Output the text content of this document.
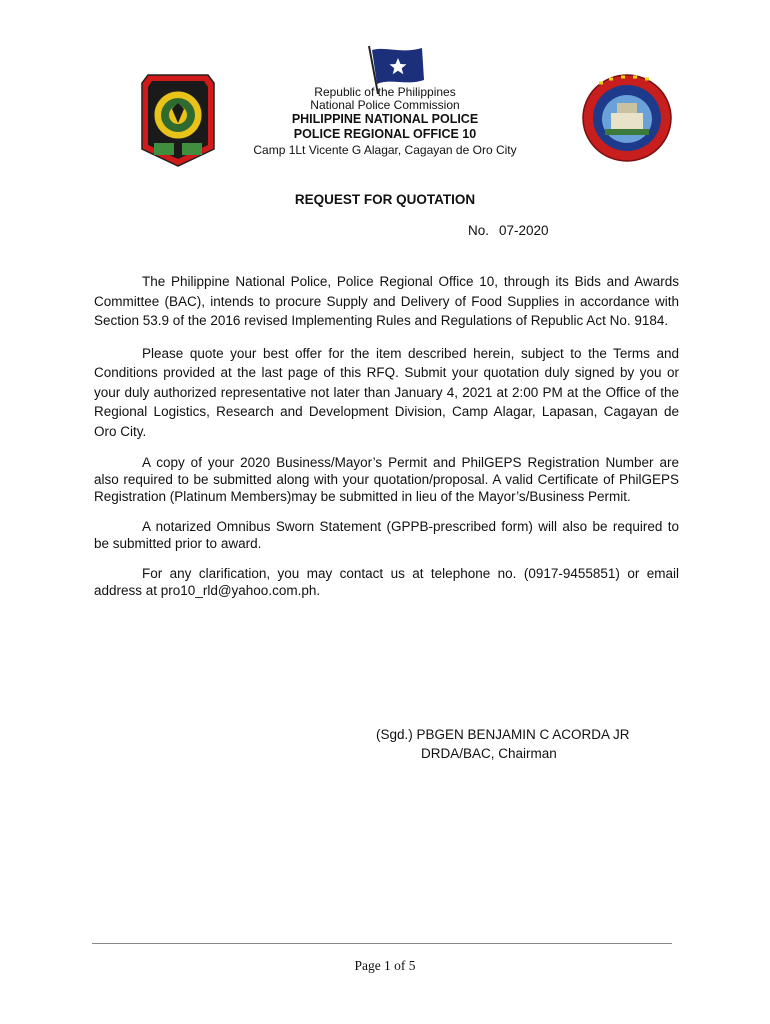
Republic of the Philippines
National Police Commission
PHILIPPINE NATIONAL POLICE
POLICE REGIONAL OFFICE 10
Camp 1Lt Vicente G Alagar, Cagayan de Oro City
REQUEST FOR QUOTATION
No. 07-2020

The Philippine National Police, Police Regional Office 10, through its Bids and Awards Committee (BAC), intends to procure Supply and Delivery of Food Supplies in accordance with Section 53.9 of the 2016 revised Implementing Rules and Regulations of Republic Act No. 9184.

Please quote your best offer for the item described herein, subject to the Terms and Conditions provided at the last page of this RFQ. Submit your quotation duly signed by you or your duly authorized representative not later than January 4, 2021 at 2:00 PM at the Office of the Regional Logistics, Research and Development Division, Camp Alagar, Lapasan, Cagayan de Oro City.

A copy of your 2020 Business/Mayor’s Permit and PhilGEPS Registration Number are also required to be submitted along with your quotation/proposal. A valid Certificate of PhilGEPS Registration (Platinum Members)may be submitted in lieu of the Mayor’s/Business Permit.

A notarized Omnibus Sworn Statement (GPPB-prescribed form) will also be required to be submitted prior to award.

For any clarification, you may contact us at telephone no. (0917-9455851) or email address at pro10_rld@yahoo.com.ph.

(Sgd.) PBGEN BENJAMIN C ACORDA JR
DRDA/BAC, Chairman
Page 1 of 5
